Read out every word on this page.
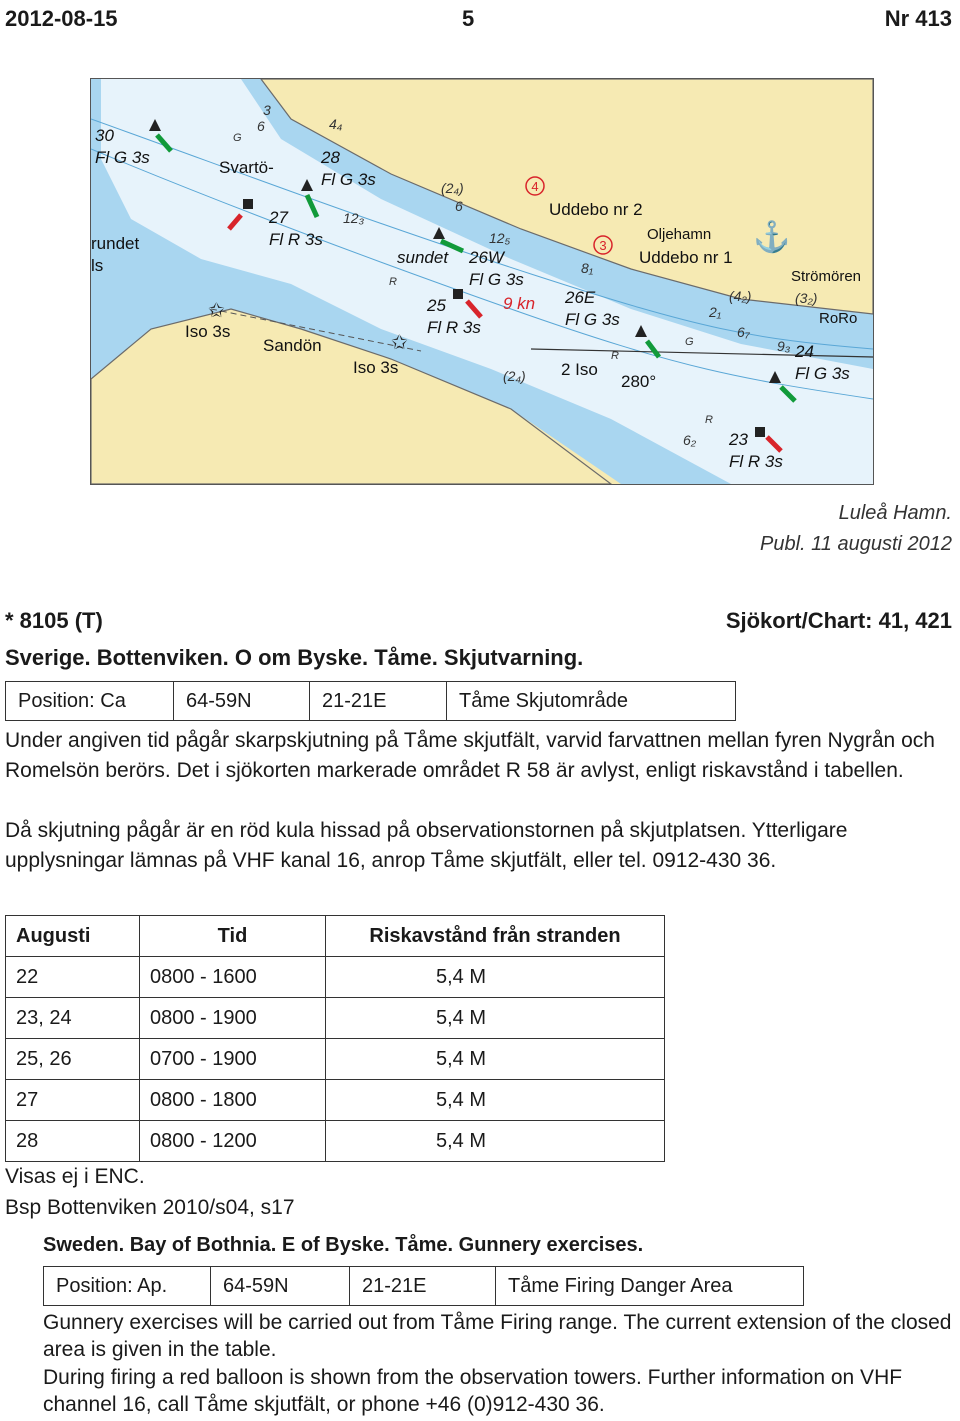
2012-08-15	5	Nr 413
✩
✩
⚓
4
3
30
Fl G 3s	28
Fl G 3s
27
Fl R 3s
26W
Fl G 3s
25
Fl R 3s
26E
Fl G 3s
24
Fl G 3s
23
Fl R 3s
Svartö-
sundet
9 kn
2 Iso
280°
rundet
ls
Iso 3s
Sandön
Iso 3s
Uddebo nr 2
Uddebo nr 1
Oljehamn
Strömören
RoRo
3
6	4₄
(2₄)
6
12₃
12₅
8₁
(4₂)	(3₂)
2₁
6₇
9₃
(2₄)
6₂
G
G
R
R
R
Luleå Hamn.
Publ. 11 augusti 2012
* 8105 (T)	Sjökort/Chart: 41, 421
Sverige. Bottenviken. O om Byske. Tåme. Skjutvarning.
Position: Ca	64-59N	21-21E	Tåme Skjutområde

Under angiven tid pågår skarpskjutning på Tåme skjutfält, varvid farvattnen mellan fyren Nygrån och Romelsön berörs. Det i sjökorten markerade området R 58 är avlyst, enligt riskavstånd i tabellen.

Då skjutning pågår är en röd kula hissad på observationstornen på skjutplatsen. Ytterligare upplysningar lämnas på VHF kanal 16, anrop Tåme skjutfält, eller tel. 0912-430 36.

Augusti	Tid	Riskavstånd från stranden
22	0800 - 1600	5,4 M
23, 24	0800 - 1900	5,4 M
25, 26	0700 - 1900	5,4 M
27	0800 - 1800	5,4 M
28	0800 - 1200	5,4 M
Visas ej i ENC.
Bsp Bottenviken 2010/s04, s17
Sweden. Bay of Bothnia. E of Byske. Tåme. Gunnery exercises.
Position: Ap.	64-59N	21-21E	Tåme Firing Danger Area

Gunnery exercises will be carried out from Tåme Firing range. The current extension of the closed area is given in the table.

During firing a red balloon is shown from the observation towers. Further information on VHF channel 16, call Tåme skjutfält, or phone +46 (0)912-430 36.
